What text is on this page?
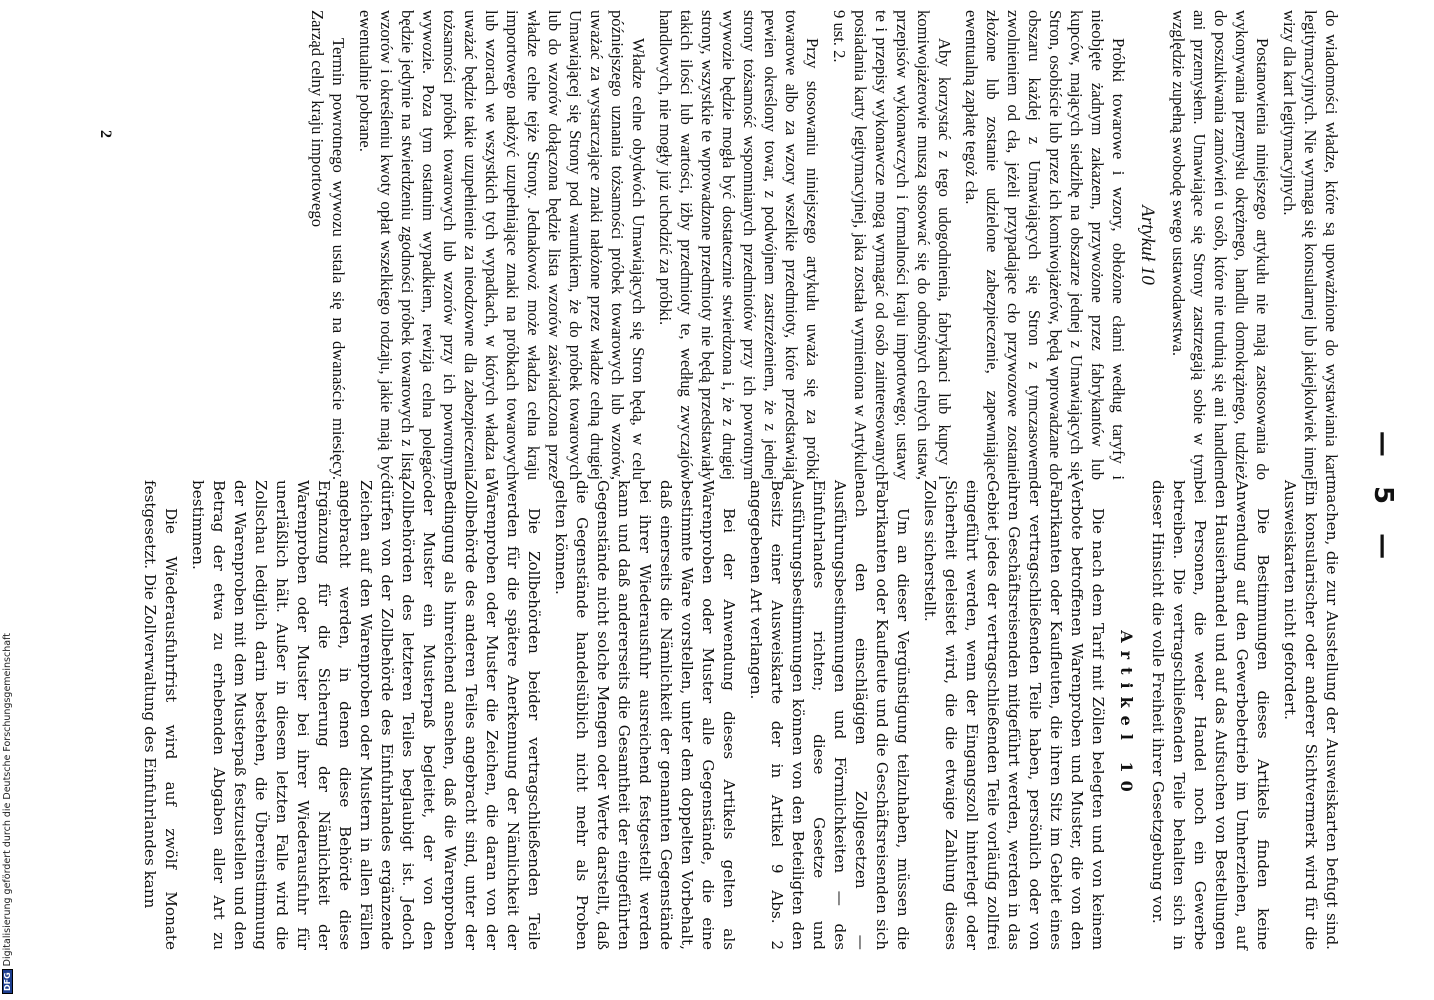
— 5 —

machen, die zur Ausstellung der Ausweiskarten befugt sind. Ein konsularischer oder anderer Sichtvermerk wird für die Ausweiskarten nicht gefordert.

Die Bestimmungen dieses Artikels finden keine Anwendung auf den Gewerbebetrieb im Umherziehen, auf den Hausierhandel und auf das Aufsuchen von Bestellungen bei Personen, die weder Handel noch ein Gewerbe betreiben. Die vertragschließenden Teile behalten sich in dieser Hinsicht die volle Freiheit ihrer Gesetzgebung vor.

Artikel 10

Die nach dem Tarif mit Zöllen belegten und von keinem Verbote betroffenen Warenproben und Muster, die von den Fabrikanten oder Kaufleuten, die ihren Sitz im Gebiet eines der vertragschließenden Teile haben, persönlich oder von ihren Geschäftsreisenden mitgeführt werden, werden in das Gebiet jedes der vertragschließenden Teile vorläufig zollfrei eingeführt werden, wenn der Eingangszoll hinterlegt oder Sicherheit geleistet wird, die die etwaige Zahlung dieses Zolles sicherstellt.

Um an dieser Vergünstigung teilzuhaben, müssen die Fabrikanten oder Kaufleute und die Geschäftsreisenden sich nach den einschlägigen Zollgesetzen — Ausführungsbestimmungen und Förmlichkeiten — des Einfuhrlandes richten; diese Gesetze und Ausführungsbestimmungen können von den Beteiligten den Besitz einer Ausweiskarte der in Artikel 9 Abs. 2 angegebenen Art verlangen.

Bei der Anwendung dieses Artikels gelten als Warenproben oder Muster alle Gegenstände, die eine bestimmte Ware vorstellen, unter dem doppelten Vorbehalt, daß einerseits die Nämlichkeit der genannten Gegenstände bei ihrer Wiederausfuhr ausreichend festgestellt werden kann und daß andererseits die Gesamtheit der eingeführten Gegenstände nicht solche Mengen oder Werte darstellt, daß die Gegenstände handelsüblich nicht mehr als Proben gelten können.

Die Zollbehörden beider vertragschließenden Teile werden für die spätere Anerkennung der Nämlichkeit der Warenproben oder Muster die Zeichen, die daran von der Zollbehörde des anderen Teiles angebracht sind, unter der Bedingung als hinreichend ansehen, daß die Warenproben oder Muster ein Musterpaß begleitet, der von den Zollbehörden des letzteren Teiles beglaubigt ist. Jedoch dürfen von der Zollbehörde des Einfuhrlandes ergänzende Zeichen auf den Warenproben oder Mustern in allen Fällen angebracht werden, in denen diese Behörde diese Ergänzung für die Sicherung der Nämlichkeit der Warenproben oder Muster bei ihrer Wiederausfuhr für unerläßlich hält. Außer in diesem letzten Falle wird die Zollschau lediglich darin bestehen, die Übereinstimmung der Warenproben mit dem Musterpaß festzustellen und den Betrag der etwa zu erhebenden Abgaben aller Art zu bestimmen.

Die Wiederausfuhrfrist wird auf zwölf Monate festgesetzt. Die Zollverwaltung des Einfuhrlandes kann

do wiadomości władze, które są upoważnione do wystawiania kart legitymacyjnych. Nie wymaga się konsularnej lub jakiejkolwiek innej wizy dla kart legitymacyjnych.

Postanowienia niniejszego artykułu nie mają zastosowania do wykonywania przemysłu okrężnego, handlu domokrążnego, tudzież do poszukiwania zamówień u osób, które nie trudnią się ani handlem ani przemysłem. Umawiające się Strony zastrzegają sobie w tym względzie zupełną swobodę swego ustawodawstwa.

Artykuł 10

Próbki towarowe i wzory, obłożone cłami według taryfy i nieobjęte żadnym zakazem, przywożone przez fabrykantów lub kupców, mających siedzibę na obszarze jednej z Umawiających się Stron, osobiście lub przez ich komiwojażerów, będą wprowadzane do obszaru każdej z Umawiających się Stron z tymczasowem zwolnieniem od cła, jeżeli przypadające cło przywozowe zostanie złożone lub zostanie udzielone zabezpieczenie, zapewniające ewentualną zapłatę tegoż cła.

Aby korzystać z tego udogodnienia, fabrykanci lub kupcy i komiwojażerowie muszą stosować się do odnośnych celnych ustaw, przepisów wykonawczych i formalności kraju importowego; ustawy te i przepisy wykonawcze mogą wymagać od osób zainteresowanych posiadania karty legitymacyjnej, jaka została wymieniona w Artykule 9 ust. 2.

Przy stosowaniu niniejszego artykułu uważa się za próbki towarowe albo za wzory wszelkie przedmioty, które przedstawiają pewien określony towar, z podwójnem zastrzeżeniem, że z jednej strony tożsamość wspomnianych przedmiotów przy ich powrotnym wywozie będzie mogła być dostatecznie stwierdzona i, że z drugiej strony, wszystkie te wprowadzone przedmioty nie będą przedstawiały takich ilości lub wartości, iżby przedmioty te, według zwyczajów handlowych, nie mogły już uchodzić za próbki.

Władze celne obydwóch Umawiających się Stron będą, w celu późniejszego uznania tożsamości próbek towarowych lub wzorów, uważać za wystarczające znaki nałożone przez władze celną drugiej Umawiającej się Strony pod warunkiem, że do próbek towarowych lub do wzorów dołączona będzie lista wzorów zaświadczona przez władze celne tejże Strony. Jednakowoż może władza celna kraju importowego nałożyć uzupełniające znaki na próbkach towarowych lub wzorach we wszystkich tych wypadkach, w których władza ta uważać będzie takie uzupełnienie za nieodzowne dla zabezpieczenia tożsamości próbek towarowych lub wzorów przy ich powrotnym wywozie. Poza tym ostatnim wypadkiem, rewizja celna polegać będzie jedynie na stwierdzeniu zgodności próbek towarowych z listą wzorów i określeniu kwoty opłat wszelkiego rodzaju, jakie mają być ewentualnie pobrane.

Termin powrotnego wywozu ustala się na dwanaście miesięcy. Zarząd celny kraju importowego

2
DFG
Digitalisierung gefördert durch die Deutsche Forschungsgemeinschaft
